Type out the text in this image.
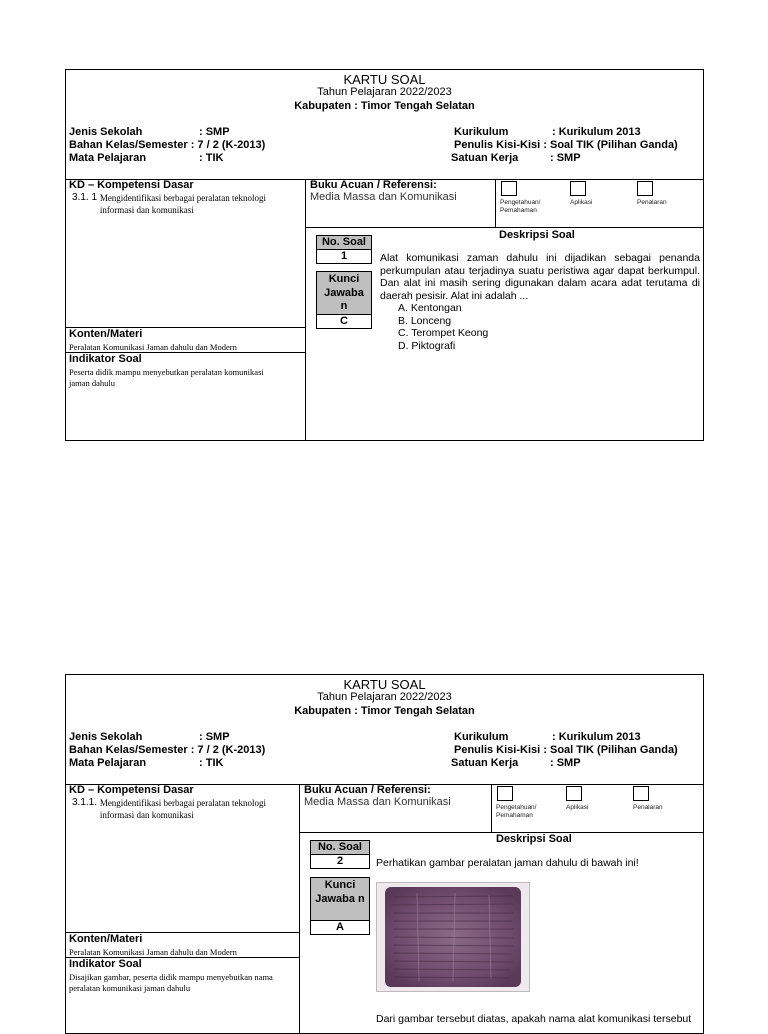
KARTU SOAL
Tahun Pelajaran 2022/2023
Kabupaten : Timor Tengah Selatan
Jenis Sekolah	: SMP
Bahan Kelas/Semester : 7 / 2 (K-2013)
Mata Pelajaran	: TIK
Kurikulum	: Kurikulum 2013
Penulis Kisi-Kisi : Soal TIK (Pilihan Ganda)
Satuan Kerja	: SMP
KD – Kompetensi Dasar
3.1. 1 Mengidentifikasi berbagai peralatan teknologi informasi dan komunikasi
Konten/Materi
Peralatan Komunikasi Jaman dahulu dan Modern
Indikator Soal
Peserta didik mampu menyebutkan peralatan komunikasi jaman dahulu
Buku Acuan / Referensi:
Media Massa dan Komunikasi	Pengetahuan/ Pemahaman
Aplikasi	Penalaran
Deskripsi Soal
No. Soal
1
Kunci Jawaba n
C
Alat komunikasi zaman dahulu ini dijadikan sebagai penanda perkumpulan atau terjadinya suatu peristiwa agar dapat berkumpul. Dan alat ini masih sering digunakan dalam acara adat terutama di daerah pesisir. Alat ini adalah ...
A. Kentongan
B. Lonceng
C. Terompet Keong
D. Piktografi
KARTU SOAL
Tahun Pelajaran 2022/2023
Kabupaten : Timor Tengah Selatan
Jenis Sekolah	: SMP
Bahan Kelas/Semester : 7 / 2 (K-2013)
Mata Pelajaran	: TIK
Kurikulum	: Kurikulum 2013
Penulis Kisi-Kisi : Soal TIK (Pilihan Ganda)
Satuan Kerja	: SMP
KD – Kompetensi Dasar
3.1.1. Mengidentifikasi berbagai peralatan teknologi informasi dan komunikasi
Konten/Materi
Peralatan Komunikasi Jaman dahulu dan Modern
Indikator Soal
Disajikan gambar, peserta didik mampu menyebutkan nama peralatan komunikasi jaman dahulu
Buku Acuan / Referensi:
Media Massa dan Komunikasi	Pengetahuan/ Pemahaman
Aplikasi	Penalaran
Deskripsi Soal
No. Soal
2
Kunci Jawaba n
A
Perhatikan gambar peralatan jaman dahulu di bawah ini!
Dari gambar tersebut diatas, apakah nama alat komunikasi tersebut
